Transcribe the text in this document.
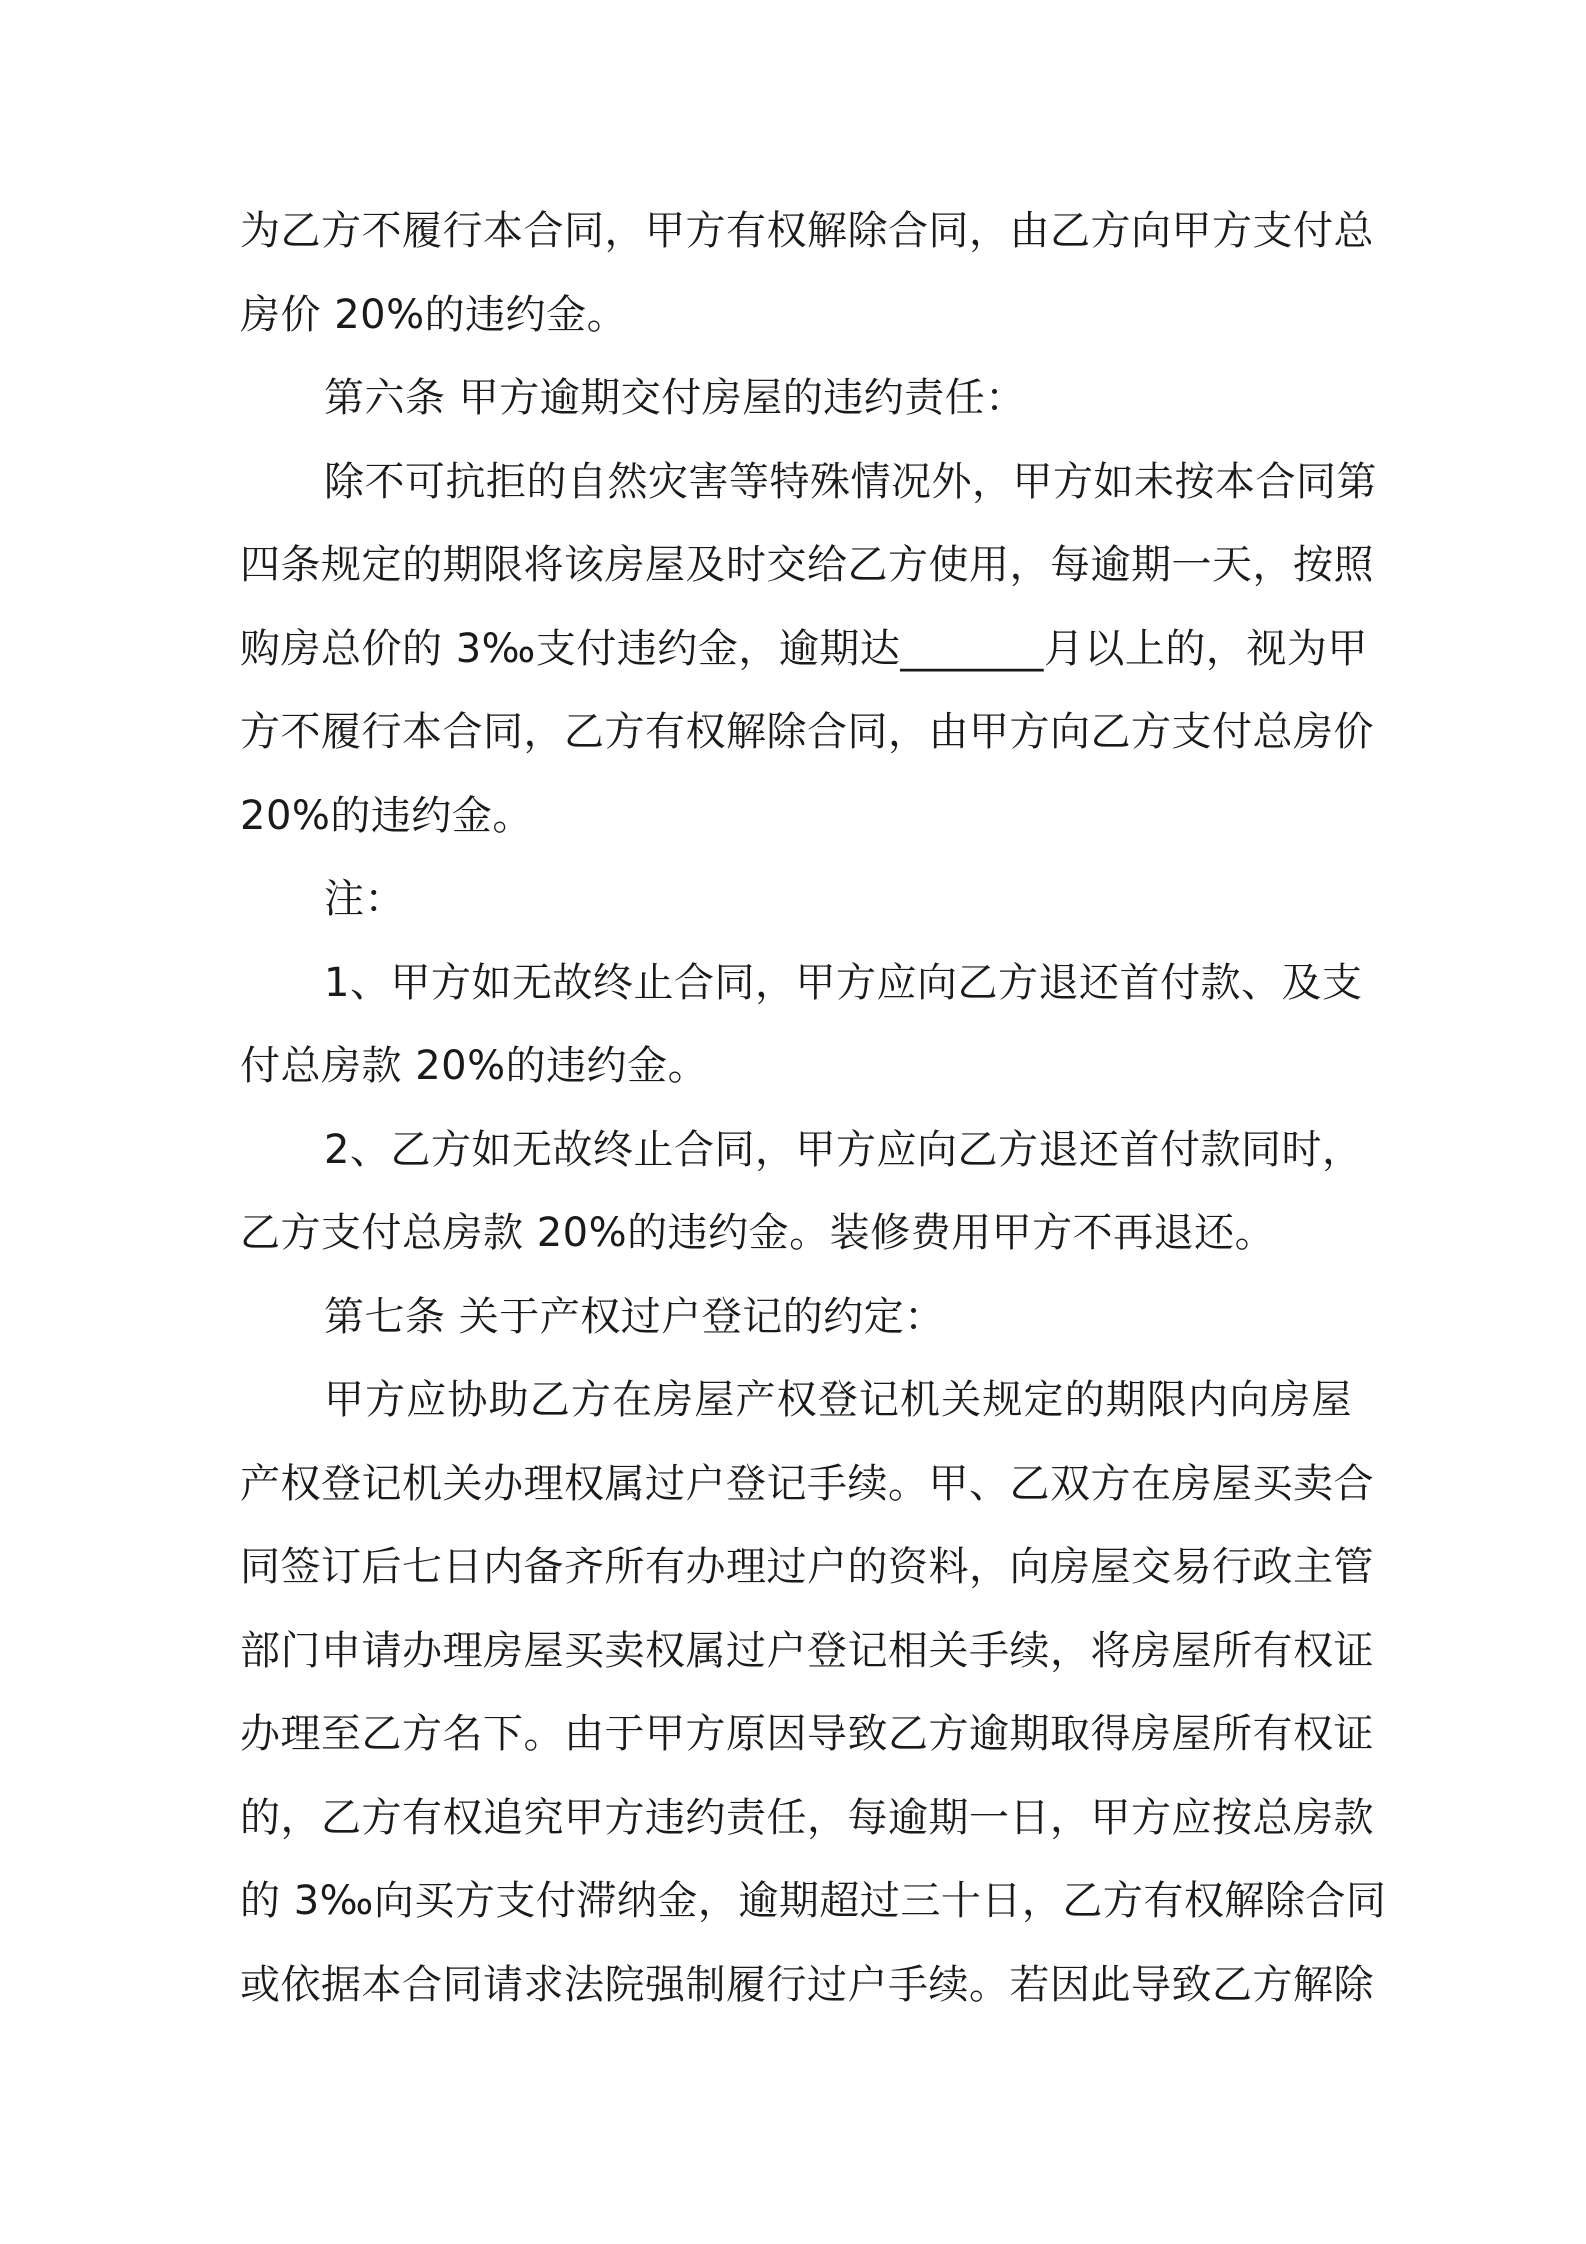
为乙方不履行本合同，甲方有权解除合同，由乙方向甲方支付总
房价 20%的违约金。
第六条 甲方逾期交付房屋的违约责任：
除不可抗拒的自然灾害等特殊情况外，甲方如未按本合同第
四条规定的期限将该房屋及时交给乙方使用，每逾期一天，按照
购房总价的 3‰支付违约金，逾期达_______月以上的，视为甲
方不履行本合同，乙方有权解除合同，由甲方向乙方支付总房价
20%的违约金。
注：
1、甲方如无故终止合同，甲方应向乙方退还首付款、及支
付总房款 20%的违约金。
2、乙方如无故终止合同，甲方应向乙方退还首付款同时，
乙方支付总房款 20%的违约金。装修费用甲方不再退还。
第七条 关于产权过户登记的约定：
甲方应协助乙方在房屋产权登记机关规定的期限内向房屋
产权登记机关办理权属过户登记手续。甲、乙双方在房屋买卖合
同签订后七日内备齐所有办理过户的资料，向房屋交易行政主管
部门申请办理房屋买卖权属过户登记相关手续，将房屋所有权证
办理至乙方名下。由于甲方原因导致乙方逾期取得房屋所有权证
的，乙方有权追究甲方违约责任，每逾期一日，甲方应按总房款
的 3‰向买方支付滞纳金，逾期超过三十日，乙方有权解除合同
或依据本合同请求法院强制履行过户手续。若因此导致乙方解除
